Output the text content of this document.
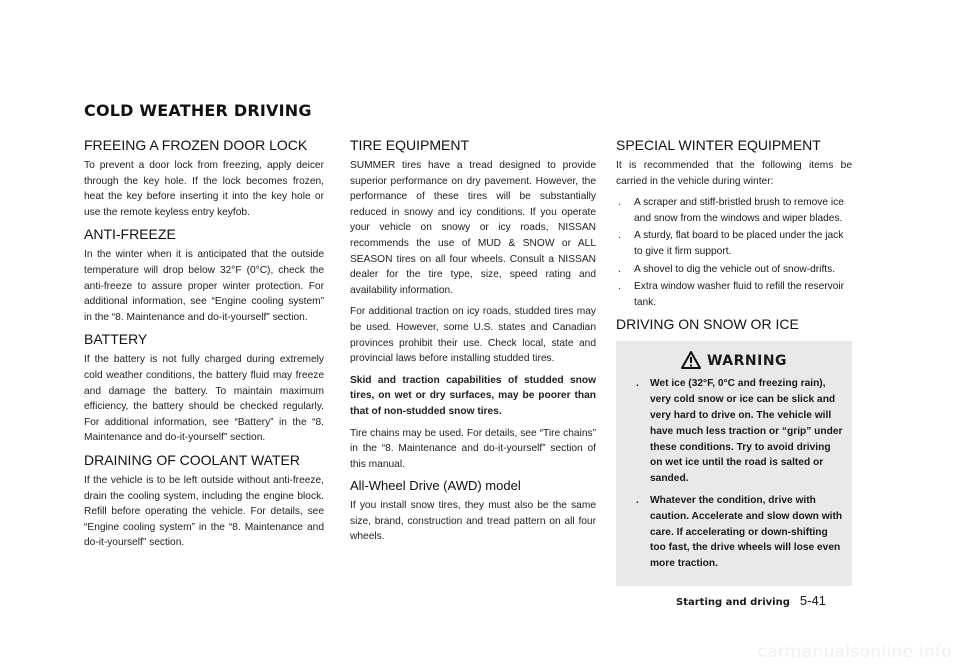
COLD WEATHER DRIVING
FREEING A FROZEN DOOR LOCK

To prevent a door lock from freezing, apply deicer through the key hole. If the lock becomes frozen, heat the key before inserting it into the key hole or use the remote keyless entry keyfob.

ANTI-FREEZE

In the winter when it is anticipated that the outside temperature will drop below 32°F (0°C), check the anti-freeze to assure proper winter protection. For additional information, see “Engine cooling system” in the “8. Maintenance and do-it-yourself” section.

BATTERY

If the battery is not fully charged during extremely cold weather conditions, the battery fluid may freeze and damage the battery. To maintain maximum efficiency, the battery should be checked regularly. For additional information, see “Battery” in the “8. Maintenance and do-it-yourself” section.

DRAINING OF COOLANT WATER

If the vehicle is to be left outside without anti-freeze, drain the cooling system, including the engine block. Refill before operating the vehicle. For details, see “Engine cooling system” in the “8. Maintenance and do-it-yourself” section.

TIRE EQUIPMENT

SUMMER tires have a tread designed to provide superior performance on dry pavement. However, the performance of these tires will be substantially reduced in snowy and icy conditions. If you operate your vehicle on snowy or icy roads, NISSAN recommends the use of MUD & SNOW or ALL SEASON tires on all four wheels. Consult a NISSAN dealer for the tire type, size, speed rating and availability information.

For additional traction on icy roads, studded tires may be used. However, some U.S. states and Canadian provinces prohibit their use. Check local, state and provincial laws before installing studded tires.

Skid and traction capabilities of studded snow tires, on wet or dry surfaces, may be poorer than that of non-studded snow tires.

Tire chains may be used. For details, see “Tire chains” in the “8. Maintenance and do-it-yourself” section of this manual.

All-Wheel Drive (AWD) model

If you install snow tires, they must also be the same size, brand, construction and tread pattern on all four wheels.

SPECIAL WINTER EQUIPMENT

It is recommended that the following items be carried in the vehicle during winter:

. A scraper and stiff-bristled brush to remove ice and snow from the windows and wiper blades.
. A sturdy, flat board to be placed under the jack to give it firm support.
. A shovel to dig the vehicle out of snow-drifts.
. Extra window washer fluid to refill the reservoir tank.
DRIVING ON SNOW OR ICE
WARNING
. Wet ice (32°F, 0°C and freezing rain), very cold snow or ice can be slick and very hard to drive on. The vehicle will have much less traction or “grip” under these conditions. Try to avoid driving on wet ice until the road is salted or sanded.
. Whatever the condition, drive with caution. Accelerate and slow down with care. If accelerating or down-shifting too fast, the drive wheels will lose even more traction.
Starting and driving 5-41
carmanualsonline.info
